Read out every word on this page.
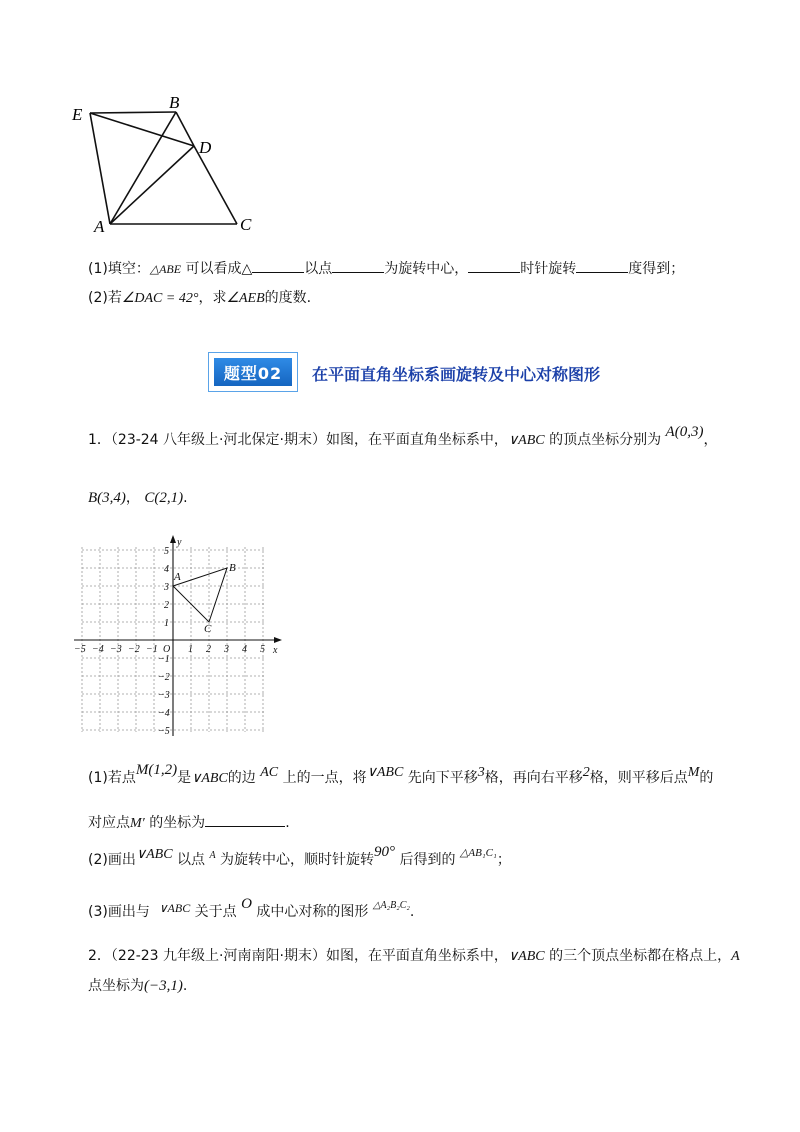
E
B
D
A	C
(1)填空：△ABE 可以看成△	以点	为旋转中心，	时针旋转	度得到；
(2)若∠DAC = 42°，求∠AEB的度数.
题型02	在平面直角坐标系画旋转及中心对称图形
1．（23-24 八年级上·河北保定·期末）如图，在平面直角坐标系中，∨ABC 的顶点坐标分别为 A(0,3)，
B(3,4)， C(2,1).
−5 −4 −3 −2 −1 O 1 2 3 4 5 x
y
5
4
3
2
1
−1
−2
−3
−4
−5
A
B
C
(1)若点M(1,2)是∨ABC的边 AC 上的一点，将∨ABC 先向下平移3格，再向右平移2格，则平移后点M的
对应点M′ 的坐标为	.
(2)画出∨ABC 以点 $^A$ 为旋转中心，顺时针旋转90° 后得到的 $^{\triangle AB_1C_1}$；
(3)画出与 ∨ABC 关于点 O 成中心对称的图形 $^{\triangle A_2B_2C_2}$.
2．（22-23 九年级上·河南南阳·期末）如图，在平面直角坐标系中，∨ABC 的三个顶点坐标都在格点上，A
点坐标为(−3,1).
